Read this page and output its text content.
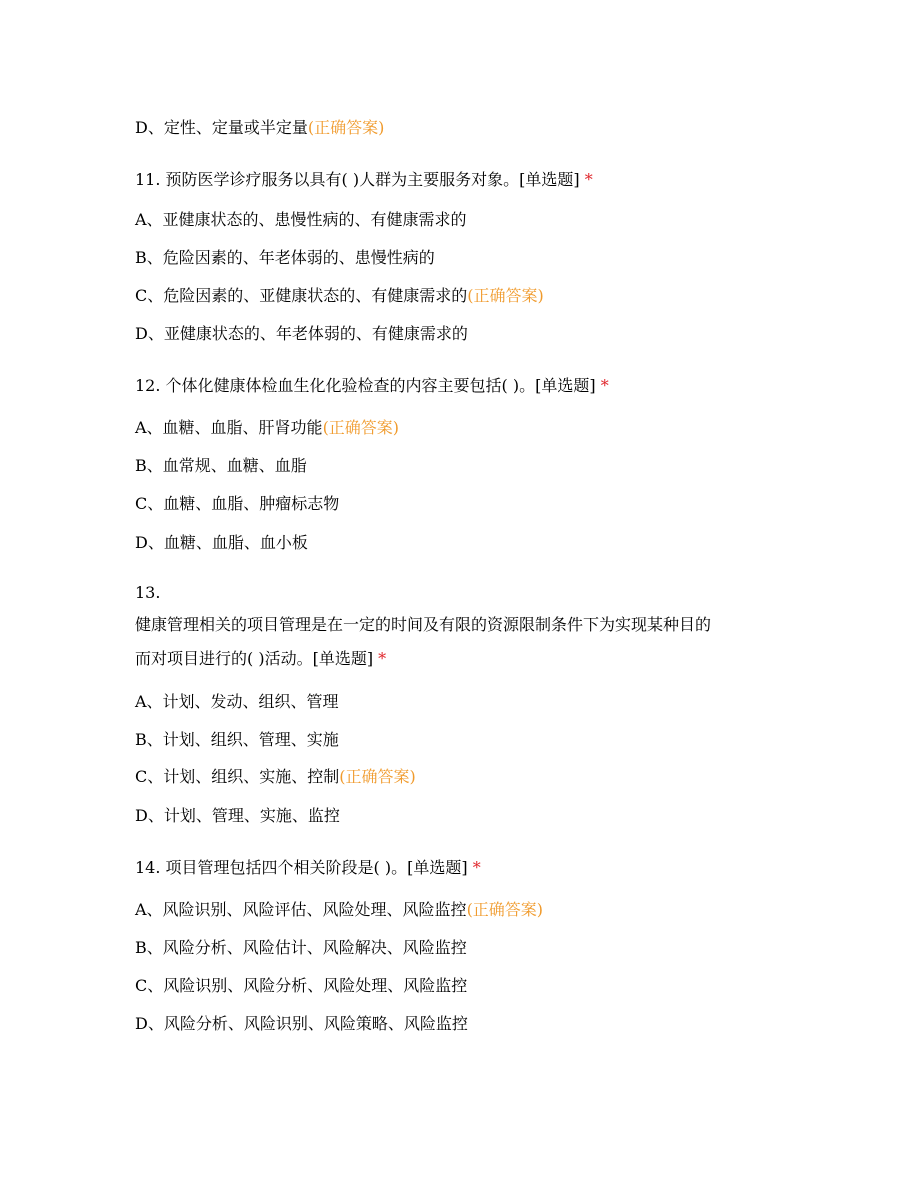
D、定性、定量或半定量(正确答案)

11. 预防医学诊疗服务以具有( )人群为主要服务对象。[单选题] *

A、亚健康状态的、患慢性病的、有健康需求的

B、危险因素的、年老体弱的、患慢性病的

C、危险因素的、亚健康状态的、有健康需求的(正确答案)

D、亚健康状态的、年老体弱的、有健康需求的

12. 个体化健康体检血生化化验检查的内容主要包括( )。[单选题] *

A、血糖、血脂、肝肾功能(正确答案)

B、血常规、血糖、血脂

C、血糖、血脂、肿瘤标志物

D、血糖、血脂、血小板

13.

健康管理相关的项目管理是在一定的时间及有限的资源限制条件下为实现某种目的

而对项目进行的( )活动。[单选题] *

A、计划、发动、组织、管理

B、计划、组织、管理、实施

C、计划、组织、实施、控制(正确答案)

D、计划、管理、实施、监控

14. 项目管理包括四个相关阶段是( )。[单选题] *

A、风险识别、风险评估、风险处理、风险监控(正确答案)

B、风险分析、风险估计、风险解决、风险监控

C、风险识别、风险分析、风险处理、风险监控

D、风险分析、风险识别、风险策略、风险监控
